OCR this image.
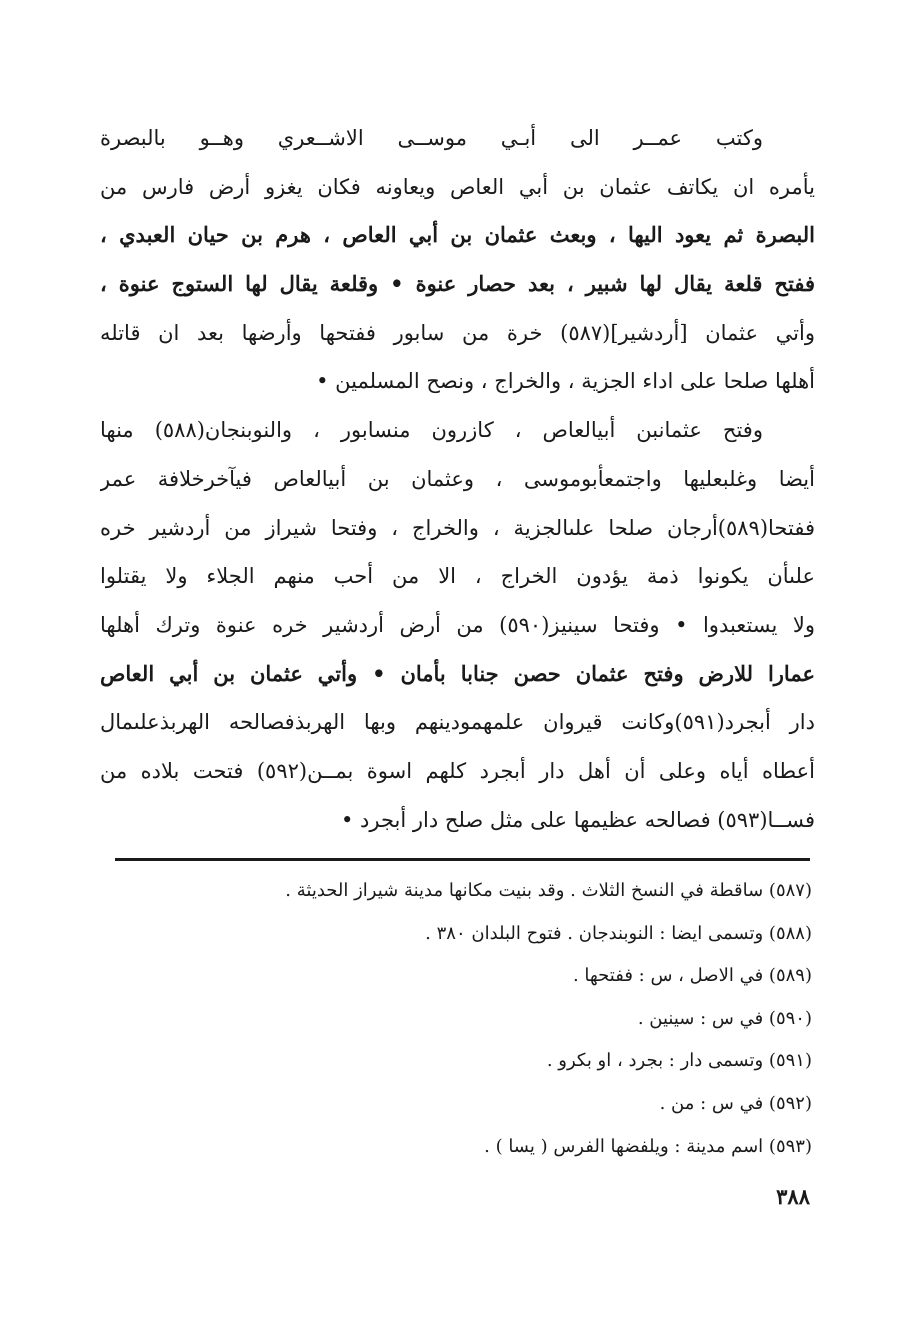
وكتب عمــر الى أبـي موســى الاشــعري وهــو بالبصرة
يأمره ان يكاتف عثمان بن أبي العاص ويعاونه فكان يغزو أرض فارس من
البصرة ثم يعود اليها ، وبعث عثمان بن أبي العاص ، هرم بن حيان العبدي ،
ففتح قلعة يقال لها شبير ، بعد حصار عنوة • وقلعة يقال لها الستوج عنوة ،
وأتي عثمان [أردشير](٥٨٧) خرة من سابور ففتحها وأرضها بعد ان قاتله
أهلها صلحا على اداء الجزية ، والخراج ، ونصح المسلمين •
وفتح عثمانبن أبيالعاص ، كازرون منسابور ، والنوبنجان(٥٨٨) منها
أيضا وغلبعليها واجتمعأبوموسى ، وعثمان بن أبيالعاص فيآخرخلافة عمر
ففتحا(٥٨٩)أرجان صلحا علىالجزية ، والخراج ، وفتحا شيراز من أردشير خره
علىأن يكونوا ذمة يؤدون الخراج ، الا من أحب منهم الجلاء ولا يقتلوا
ولا يستعبدوا • وفتحا سينيز(٥٩٠) من أرض أردشير خره عنوة وترك أهلها
عمارا للارض وفتح عثمان حصن جنابا بأمان • وأتي عثمان بن أبي العاص
دار أبجرد(٥٩١)وكانت قيروان علمهمودينهم وبها الهربذفصالحه الهربذعلىمال
أعطاه أياه وعلى أن أهل دار أبجرد كلهم اسوة بمــن(٥٩٢) فتحت بلاده من
فســا(٥٩٣) فصالحه عظيمها على مثل صلح دار أبجرد •
(٥٨٧) ساقطة في النسخ الثلاث . وقد بنيت مكانها مدينة شيراز الحديثة .
(٥٨٨) وتسمى ايضا : النوبندجان . فتوح البلدان ٣٨٠ .
(٥٨٩) في الاصل ، س : ففتحها .
(٥٩٠) في س : سينين .
(٥٩١) وتسمى دار : بجرد ، او بكرو .
(٥٩٢) في س : من .
(٥٩٣) اسم مدينة : ويلفضها الفرس ( يسا ) .
٣٨٨
